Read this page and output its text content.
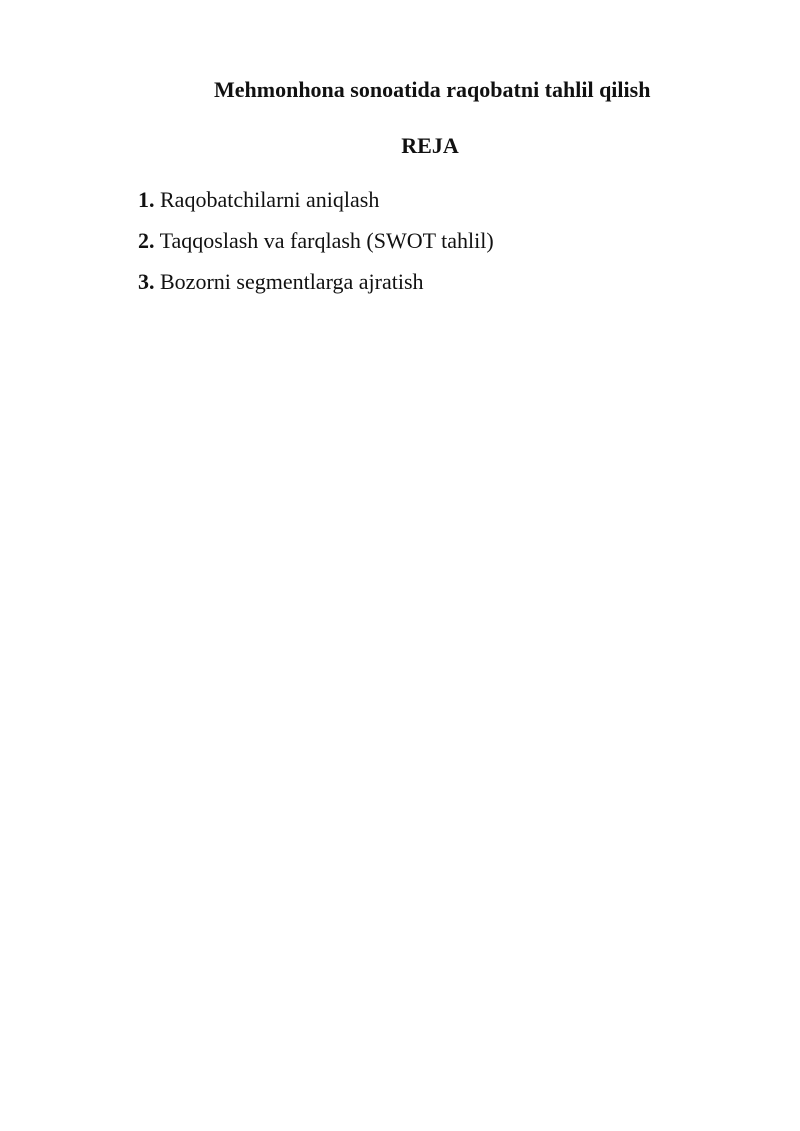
Mehmonhona sonoatida raqobatni tahlil qilish
REJA
1. Raqobatchilarni aniqlash
2. Taqqoslash va farqlash (SWOT tahlil)
3. Bozorni segmentlarga ajratish
